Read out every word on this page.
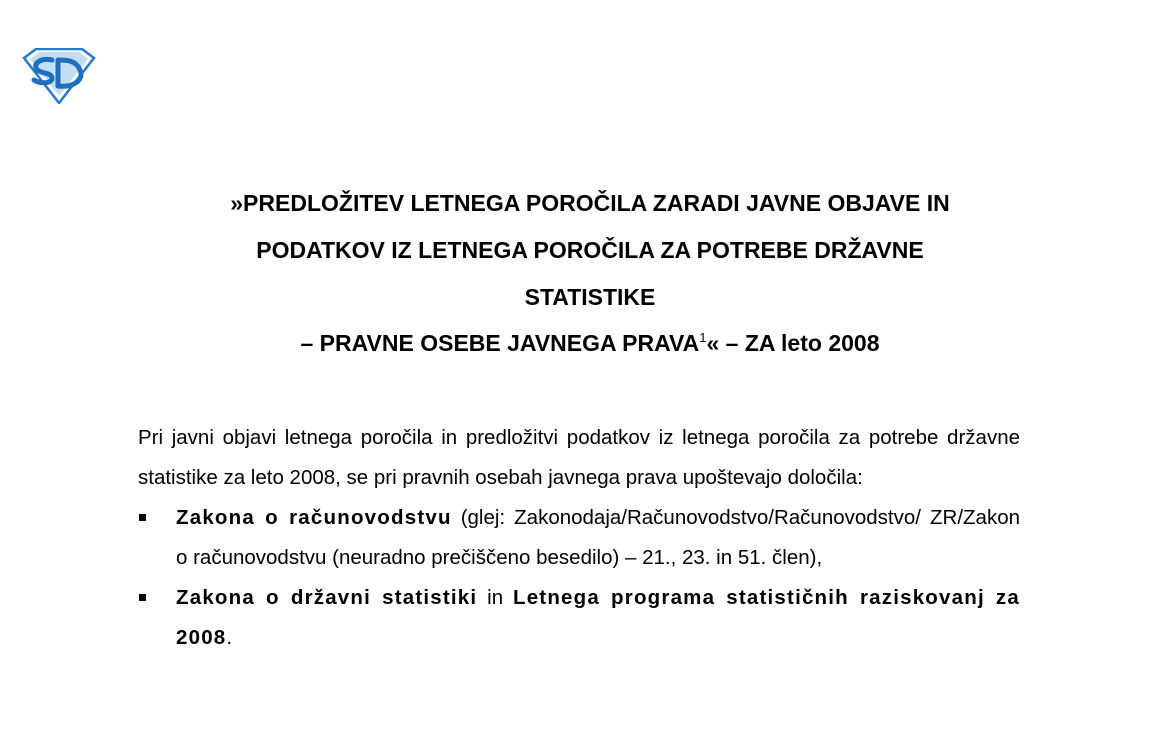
»PREDLOŽITEV LETNEGA POROČILA ZARADI JAVNE OBJAVE IN
PODATKOV IZ LETNEGA POROČILA ZA POTREBE DRŽAVNE
STATISTIKE
– PRAVNE OSEBE JAVNEGA PRAVA$^1$« – ZA leto 2008

Pri javni objavi letnega poročila in predložitvi podatkov iz letnega poročila za potrebe državne statistike za leto 2008, se pri pravnih osebah javnega prava upoštevajo določila:

Zakona o računovodstvu (glej: Zakonodaja/Računovodstvo/Računovodstvo/ ZR/Zakon o računovodstvu (neuradno prečiščeno besedilo) – 21., 23. in 51. člen),
Zakona o državni statistiki in Letnega programa statističnih raziskovanj za 2008.
